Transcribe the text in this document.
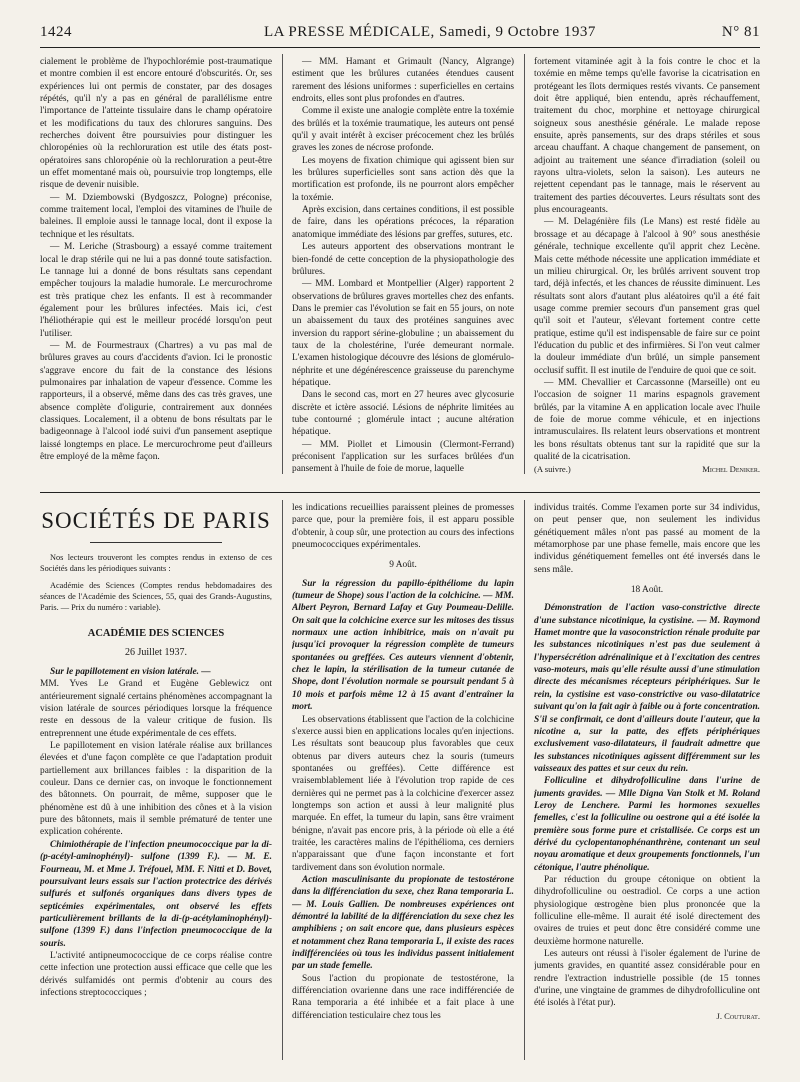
1424	LA PRESSE MÉDICALE, Samedi, 9 Octobre 1937	N° 81

cialement le problème de l'hypochlorémie post-traumatique et montre combien il est encore entouré d'obscurités. Or, ses expériences lui ont permis de constater, par des dosages répétés, qu'il n'y a pas en général de parallélisme entre l'importance de l'atteinte tissulaire dans le champ opératoire et les modifications du taux des chlorures sanguins. Des recherches doivent être poursuivies pour distinguer les chloropénies où la rechloruration est utile des états post-opératoires sans chloropénie où la rechloruration a peut-être un effet momentané mais où, poursuivie trop longtemps, elle risque de devenir nuisible.

— M. Dziembowski (Bydgoszcz, Pologne) préconise, comme traitement local, l'emploi des vitamines de l'huile de baleines. Il emploie aussi le tannage local, dont il expose la technique et les résultats.

— M. Leriche (Strasbourg) a essayé comme traitement local le drap stérile qui ne lui a pas donné toute satisfaction. Le tannage lui a donné de bons résultats sans cependant empêcher toujours la maladie humorale. Le mercurochrome est très pratique chez les enfants. Il est à recommander également pour les brûlures infectées. Mais ici, c'est l'héliothérapie qui est le meilleur procédé lorsqu'on peut l'utiliser.

— M. de Fourmestraux (Chartres) a vu pas mal de brûlures graves au cours d'accidents d'avion. Ici le pronostic s'aggrave encore du fait de la constance des lésions pulmonaires par inhalation de vapeur d'essence. Comme les rapporteurs, il a observé, même dans des cas très graves, une absence complète d'oligurie, contrairement aux données classiques. Localement, il a obtenu de bons résultats par le badigeonnage à l'alcool iodé suivi d'un pansement aseptique laissé longtemps en place. Le mercurochrome peut d'ailleurs être employé de la même façon.

— MM. Hamant et Grimault (Nancy, Algrange) estiment que les brûlures cutanées étendues causent rarement des lésions uniformes : superficielles en certains endroits, elles sont plus profondes en d'autres.

Comme il existe une analogie complète entre la toxémie des brûlés et la toxémie traumatique, les auteurs ont pensé qu'il y avait intérêt à exciser précocement chez les brûlés graves les zones de nécrose profonde.

Les moyens de fixation chimique qui agissent bien sur les brûlures superficielles sont sans action dès que la mortification est profonde, ils ne pourront alors empêcher la toxémie.

Après excision, dans certaines conditions, il est possible de faire, dans les opérations précoces, la réparation anatomique immédiate des lésions par greffes, sutures, etc.

Les auteurs apportent des observations montrant le bien-fondé de cette conception de la physiopathologie des brûlures.

— MM. Lombard et Montpellier (Alger) rapportent 2 observations de brûlures graves mortelles chez des enfants. Dans le premier cas l'évolution se fait en 55 jours, on note un abaissement du taux des protéines sanguines avec inversion du rapport sérine-globuline ; un abaissement du taux de la cholestérine, l'urée demeurant normale. L'examen histologique découvre des lésions de glomérulo-néphrite et une dégénérescence graisseuse du parenchyme hépatique.

Dans le second cas, mort en 27 heures avec glycosurie discrète et ictère associé. Lésions de néphrite limitées au tube contourné ; glomérule intact ; aucune altération hépatique.

— MM. Piollet et Limousin (Clermont-Ferrand) préconisent l'application sur les surfaces brûlées d'un pansement à l'huile de foie de morue, laquelle

fortement vitaminée agit à la fois contre le choc et la toxémie en même temps qu'elle favorise la cicatrisation en protégeant les îlots dermiques restés vivants. Ce pansement doit être appliqué, bien entendu, après réchauffement, traitement du choc, morphine et nettoyage chirurgical soigneux sous anesthésie générale. Le malade repose ensuite, après pansements, sur des draps stériles et sous arceau chauffant. A chaque changement de pansement, on adjoint au traitement une séance d'irradiation (soleil ou rayons ultra-violets, selon la saison). Les auteurs ne rejettent cependant pas le tannage, mais le réservent au traitement des parties découvertes. Leurs résultats sont des plus encourageants.

— M. Delagénière fils (Le Mans) est resté fidèle au brossage et au décapage à l'alcool à 90° sous anesthésie générale, technique excellente qu'il apprit chez Lecène. Mais cette méthode nécessite une application immédiate et un milieu chirurgical. Or, les brûlés arrivent souvent trop tard, déjà infectés, et les chances de réussite diminuent. Les résultats sont alors d'autant plus aléatoires qu'il a été fait usage comme premier secours d'un pansement gras quel qu'il soit et l'auteur, s'élevant fortement contre cette pratique, estime qu'il est indispensable de faire sur ce point l'éducation du public et des infirmières. Si l'on veut calmer la douleur immédiate d'un brûlé, un simple pansement occlusif suffit. Il est inutile de l'enduire de quoi que ce soit.

— MM. Chevallier et Carcassonne (Marseille) ont eu l'occasion de soigner 11 marins espagnols gravement brûlés, par la vitamine A en application locale avec l'huile de foie de morue comme véhicule, et en injections intramusculaires. Ils relatent leurs observations et montrent les bons résultats obtenus tant sur la rapidité que sur la qualité de la cicatrisation.

(A suivre.)	Michel Deniker.

SOCIÉTÉS DE PARIS

Nos lecteurs trouveront les comptes rendus in extenso de ces Sociétés dans les périodiques suivants :

Académie des Sciences (Comptes rendus hebdomadaires des séances de l'Académie des Sciences, 55, quai des Grands-Augustins, Paris. — Prix du numéro : variable).

ACADÉMIE DES SCIENCES
26 Juillet 1937.

Sur le papillotement en vision latérale. —

MM. Yves Le Grand et Eugène Geblewicz ont antérieurement signalé certains phénomènes accompagnant la vision latérale de sources périodiques lorsque la fréquence reste en dessous de la valeur critique de fusion. Ils entreprennent une étude expérimentale de ces effets.

Le papillotement en vision latérale réalise aux brillances élevées et d'une façon complète ce que l'adaptation produit partiellement aux brillances faibles : la disparition de la couleur. Dans ce dernier cas, on invoque le fonctionnement des bâtonnets. On pourrait, de même, supposer que le phénomène est dû à une inhibition des cônes et à la vision pure des bâtonnets, mais il semble prématuré de tenter une explication cohérente.

Chimiothérapie de l'infection pneumococcique par la di- (p-acétyl-aminophényl)- sulfone (1399 F.). — M. E. Fourneau, M. et Mme J. Tréfouel, MM. F. Nitti et D. Bovet, poursuivant leurs essais sur l'action protectrice des dérivés sulfurés et sulfonés organiques dans divers types de septicémies expérimentales, ont observé les effets particulièrement brillants de la di-(p-acétylaminophényl)-sulfone (1399 F.) dans l'infection pneumococcique de la souris.

L'activité antipneumococcique de ce corps réalise contre cette infection une protection aussi efficace que celle que les dérivés sulfamidés ont permis d'obtenir au cours des infections streptococciques ;

les indications recueillies paraissent pleines de promesses parce que, pour la première fois, il est apparu possible d'obtenir, à coup sûr, une protection au cours des infections pneumococciques expérimentales.

9 Août.

Sur la régression du papillo-épithéliome du lapin (tumeur de Shope) sous l'action de la colchicine. — MM. Albert Peyron, Bernard Lafay et Guy Poumeau-Delille. On sait que la colchicine exerce sur les mitoses des tissus normaux une action inhibitrice, mais on n'avait pu jusqu'ici provoquer la régression complète de tumeurs spontanées ou greffées. Ces auteurs viennent d'obtenir, chez le lapin, la stérilisation de la tumeur cutanée de Shope, dont l'évolution normale se poursuit pendant 5 à 10 mois et parfois même 12 à 15 avant d'entraîner la mort.

Les observations établissent que l'action de la colchicine s'exerce aussi bien en applications locales qu'en injections. Les résultats sont beaucoup plus favorables que ceux obtenus par divers auteurs chez la souris (tumeurs spontanées ou greffées). Cette différence est vraisemblablement liée à l'évolution trop rapide de ces dernières qui ne permet pas à la colchicine d'exercer assez longtemps son action et aussi à leur malignité plus marquée. En effet, la tumeur du lapin, sans être vraiment bénigne, n'avait pas encore pris, à la période où elle a été traitée, les caractères malins de l'épithélioma, ces derniers n'apparaissant que d'une façon inconstante et fort tardivement dans son évolution normale.

Action masculinisante du propionate de testostérone dans la différenciation du sexe, chez Rana temporaria L. — M. Louis Gallien. De nombreuses expériences ont démontré la labilité de la différenciation du sexe chez les amphibiens ; on sait encore que, dans plusieurs espèces et notamment chez Rana temporaria L, il existe des races indifférenciées où tous les individus passent initialement par un stade femelle.

Sous l'action du propionate de testostérone, la différenciation ovarienne dans une race indifférenciée de Rana temporaria a été inhibée et a fait place à une différenciation testiculaire chez tous les

individus traités. Comme l'examen porte sur 34 individus, on peut penser que, non seulement les individus génétiquement mâles n'ont pas passé au moment de la métamorphose par une phase femelle, mais encore que les individus génétiquement femelles ont été inversés dans le sens mâle.

18 Août.

Démonstration de l'action vaso-constrictive directe d'une substance nicotinique, la cystisine. — M. Raymond Hamet montre que la vasoconstriction rénale produite par les substances nicotiniques n'est pas due seulement à l'hypersécrétion adrénalinique et à l'excitation des centres vaso-moteurs, mais qu'elle résulte aussi d'une stimulation directe des mécanismes récepteurs périphériques. Sur le rein, la cystisine est vaso-constrictive ou vaso-dilatatrice suivant qu'on la fait agir à faible ou à forte concentration. S'il se confirmait, ce dont d'ailleurs doute l'auteur, que la nicotine a, sur la patte, des effets périphériques exclusivement vaso-dilatateurs, il faudrait admettre que les substances nicotiniques agissent différemment sur les vaisseaux des pattes et sur ceux du rein.

Folliculine et dihydrofolliculine dans l'urine de juments gravides. — Mlle Digna Van Stolk et M. Roland Leroy de Lenchere. Parmi les hormones sexuelles femelles, c'est la folliculine ou oestrone qui a été isolée la première sous forme pure et cristallisée. Ce corps est un dérivé du cyclopentanophénanthrène, contenant un seul noyau aromatique et deux groupements fonctionnels, l'un cétonique, l'autre phénolique.

Par réduction du groupe cétonique on obtient la dihydrofolliculine ou oestradiol. Ce corps a une action physiologique œstrogène bien plus prononcée que la folliculine elle-même. Il aurait été isolé directement des ovaires de truies et peut donc être considéré comme une deuxième hormone naturelle.

Les auteurs ont réussi à l'isoler également de l'urine de juments gravides, en quantité assez considérable pour en rendre l'extraction industrielle possible (de 15 tonnes d'urine, une vingtaine de grammes de dihydrofolliculine ont été isolés à l'état pur).

J. Couturat.
